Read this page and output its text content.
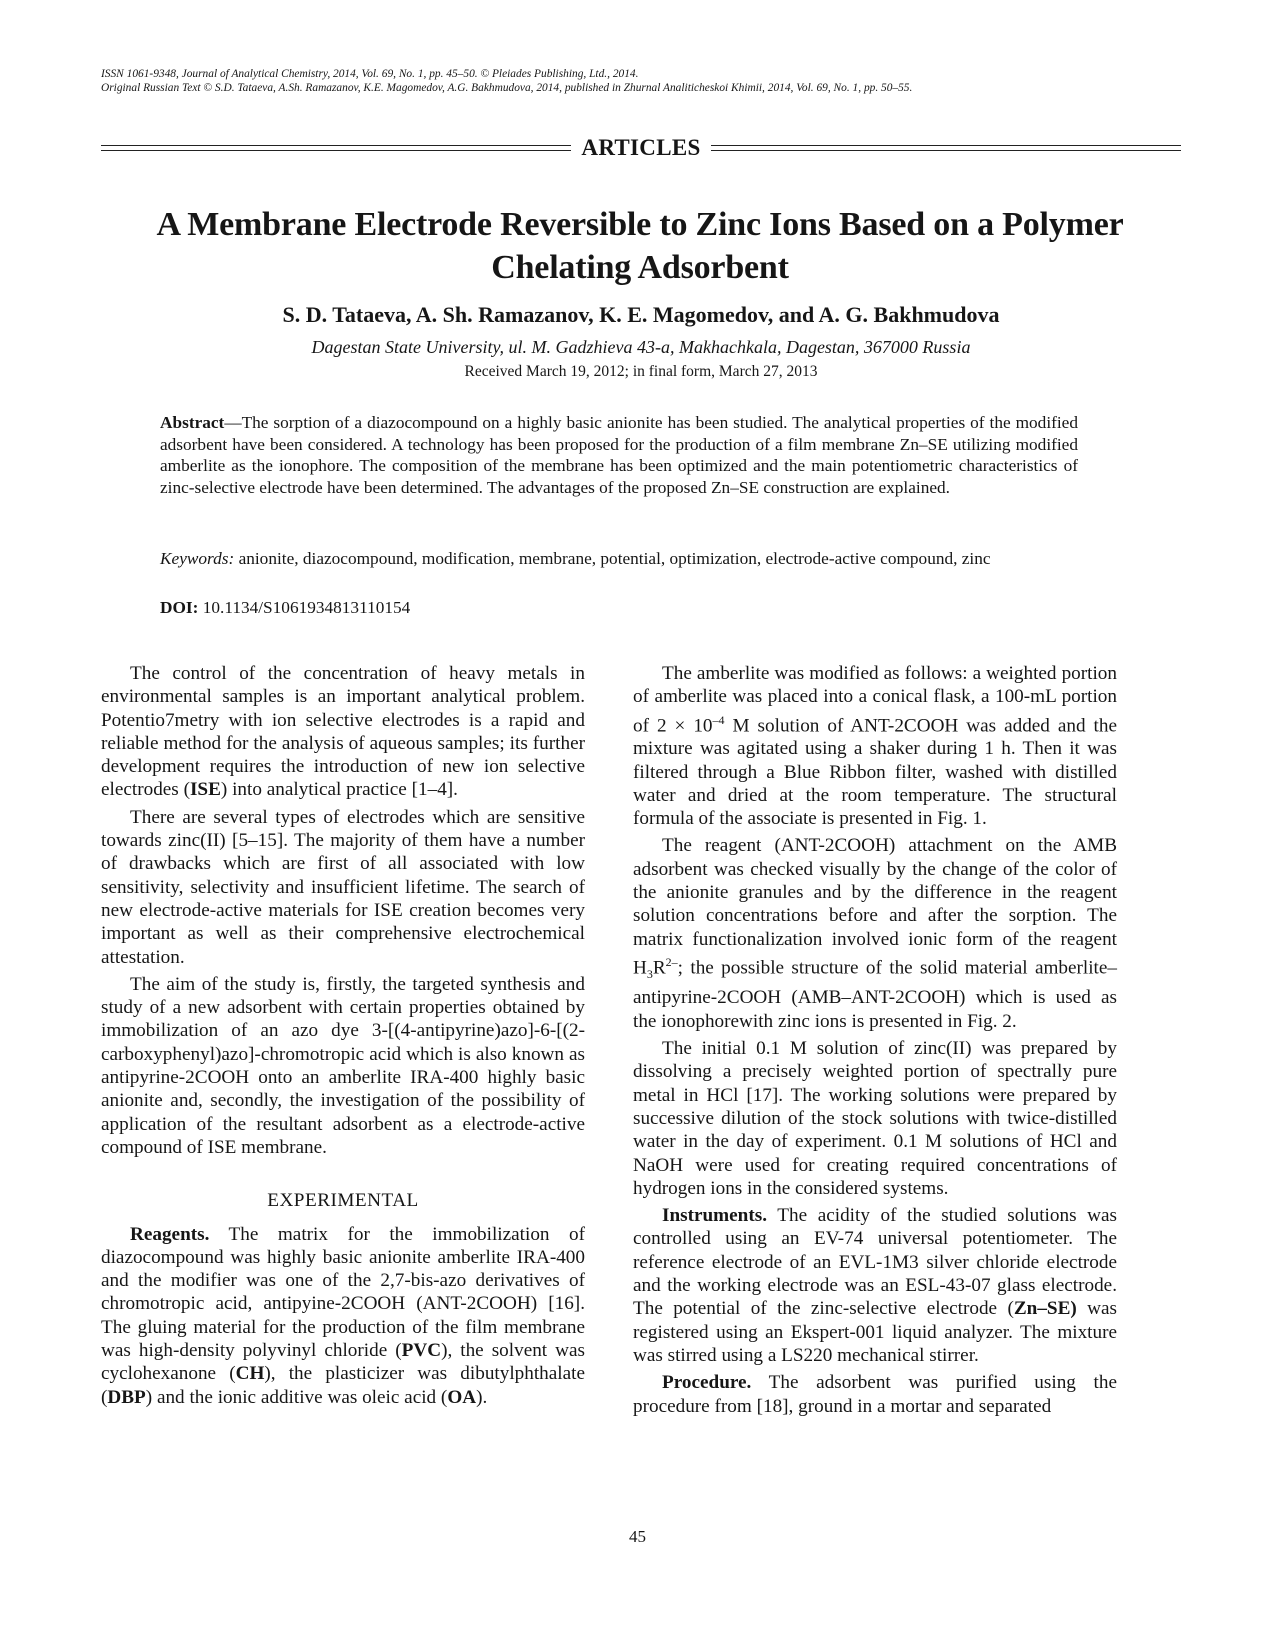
ISSN 1061-9348, Journal of Analytical Chemistry, 2014, Vol. 69, No. 1, pp. 45–50. © Pleiades Publishing, Ltd., 2014.
Original Russian Text © S.D. Tataeva, A.Sh. Ramazanov, K.E. Magomedov, A.G. Bakhmudova, 2014, published in Zhurnal Analiticheskoi Khimii, 2014, Vol. 69, No. 1, pp. 50–55.
ARTICLES
A Membrane Electrode Reversible to Zinc Ions Based on a Polymer
Chelating Adsorbent
S. D. Tataeva, A. Sh. Ramazanov, K. E. Magomedov, and A. G. Bakhmudova
Dagestan State University, ul. M. Gadzhieva 43-a, Makhachkala, Dagestan, 367000 Russia
Received March 19, 2012; in final form, March 27, 2013
Abstract—The sorption of a diazocompound on a highly basic anionite has been studied. The analytical properties of the modified adsorbent have been considered. A technology has been proposed for the production of a film membrane Zn–SE utilizing modified amberlite as the ionophore. The composition of the membrane has been optimized and the main potentiometric characteristics of zinc-selective electrode have been determined. The advantages of the proposed Zn–SE construction are explained.
Keywords: anionite, diazocompound, modification, membrane, potential, optimization, electrode-active compound, zinc
DOI: 10.1134/S1061934813110154

The control of the concentration of heavy metals in environmental samples is an important analytical problem. Potentio7metry with ion selective electrodes is a rapid and reliable method for the analysis of aqueous samples; its further development requires the introduction of new ion selective electrodes (ISE) into analytical practice [1–4].

There are several types of electrodes which are sensitive towards zinc(II) [5–15]. The majority of them have a number of drawbacks which are first of all associated with low sensitivity, selectivity and insufficient lifetime. The search of new electrode-active materials for ISE creation becomes very important as well as their comprehensive electrochemical attestation.

The aim of the study is, firstly, the targeted synthesis and study of a new adsorbent with certain properties obtained by immobilization of an azo dye 3-[(4-antipyrine)azo]-6-[(2-carboxyphenyl)azo]-chromotropic acid which is also known as antipyrine-2COOH onto an amberlite IRA-400 highly basic anionite and, secondly, the investigation of the possibility of application of the resultant adsorbent as a electrode-active compound of ISE membrane.

EXPERIMENTAL

Reagents. The matrix for the immobilization of diazocompound was highly basic anionite amberlite IRA-400 and the modifier was one of the 2,7-bis-azo derivatives of chromotropic acid, antipyine-2COOH (ANT-2COOH) [16]. The gluing material for the production of the film membrane was high-density polyvinyl chloride (PVC), the solvent was cyclohexanone (CH), the plasticizer was dibutylphthalate (DBP) and the ionic additive was oleic acid (OA).

The amberlite was modified as follows: a weighted portion of amberlite was placed into a conical flask, a 100-mL portion of $2 \times 10^{-4}$ M solution of ANT-2COOH was added and the mixture was agitated using a shaker during 1 h. Then it was filtered through a Blue Ribbon filter, washed with distilled water and dried at the room temperature. The structural formula of the associate is presented in Fig. 1.

The reagent (ANT-2COOH) attachment on the AMB adsorbent was checked visually by the change of the color of the anionite granules and by the difference in the reagent solution concentrations before and after the sorption. The matrix functionalization involved ionic form of the reagent $H_3R^{2-}$; the possible structure of the solid material amberlite–antipyrine-2COOH (AMB–ANT-2COOH) which is used as the ionophorewith zinc ions is presented in Fig. 2.

The initial 0.1 M solution of zinc(II) was prepared by dissolving a precisely weighted portion of spectrally pure metal in HCl [17]. The working solutions were prepared by successive dilution of the stock solutions with twice-distilled water in the day of experiment. 0.1 M solutions of HCl and NaOH were used for creating required concentrations of hydrogen ions in the considered systems.

Instruments. The acidity of the studied solutions was controlled using an EV-74 universal potentiometer. The reference electrode of an EVL-1M3 silver chloride electrode and the working electrode was an ESL-43-07 glass electrode. The potential of the zinc-selective electrode (Zn–SE) was registered using an Ekspert-001 liquid analyzer. The mixture was stirred using a LS220 mechanical stirrer.

Procedure. The adsorbent was purified using the procedure from [18], ground in a mortar and separated

45
